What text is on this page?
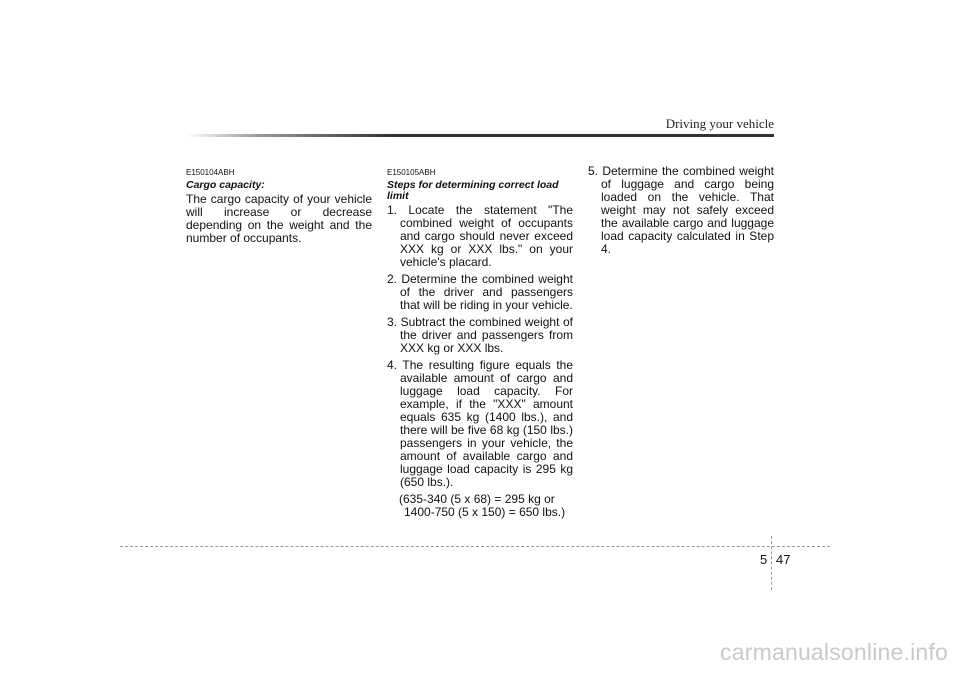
Driving your vehicle
E150104ABH
Cargo capacity:

The cargo capacity of your vehicle will increase or decrease depending on the weight and the number of occupants.

E150105ABH
Steps for determining correct load limit
1. Locate the statement "The combined weight of occupants and cargo should never exceed XXX kg or XXX lbs." on your vehicle's placard.
2. Determine the combined weight of the driver and passengers that will be riding in your vehicle.
3. Subtract the combined weight of the driver and passengers from XXX kg or XXX lbs.
4. The resulting figure equals the available amount of cargo and luggage load capacity. For example, if the "XXX" amount equals 635 kg (1400 lbs.), and there will be five 68 kg (150 lbs.) passengers in your vehicle, the amount of available cargo and luggage load capacity is 295 kg (650 lbs.).

(635-340 (5 x 68) = 295 kg or
1400-750 (5 x 150) = 650 lbs.)

5. Determine the combined weight of luggage and cargo being loaded on the vehicle. That weight may not safely exceed the available cargo and luggage load capacity calculated in Step 4.
5 47
carmanualsonline.info
